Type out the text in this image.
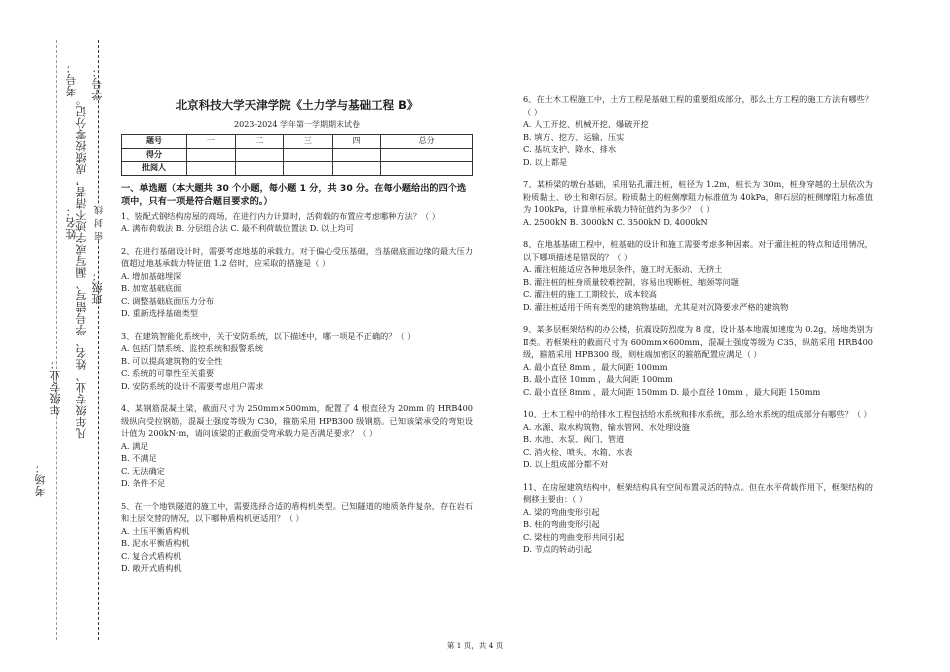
考场：
姓名：
考号： 学号：
班级：
年级专业： 凡年级专业、姓名、学号错写、漏写或字迹不清者，成绩按零分记。 密 封 线
北京科技大学天津学院《土力学与基础工程 B》
2023-2024 学年第一学期期末试卷
题号	一	二	三	四	总分
得分					
批阅人					
一、单选题（本大题共 30 个小题，每小题 1 分，共 30 分。在每小题给出的四个选项中，只有一项是符合题目要求的。）

1、装配式钢结构房屋的商场，在进行内力计算时，活荷载的布置应考虑哪种方法？（ ）

A. 满布荷载法 B. 分层组合法 C. 最不利荷载位置法 D. 以上均可

2、在进行基础设计时，需要考虑地基的承载力。对于偏心受压基础，当基础底面边缘的最大压力值超过地基承载力特征值 1.2 倍时，应采取的措施是（ ）

A. 增加基础埋深

B. 加宽基础底面

C. 调整基础底面压力分布

D. 重新选择基础类型

3、在建筑智能化系统中，关于安防系统，以下描述中，哪一项是不正确的？（ ）

A. 包括门禁系统、监控系统和报警系统

B. 可以提高建筑物的安全性

C. 系统的可靠性至关重要

D. 安防系统的设计不需要考虑用户需求

4、某钢筋混凝土梁，截面尺寸为 250mm×500mm，配置了 4 根直径为 20mm 的 HRB400 级纵向受拉钢筋，混凝土强度等级为 C30，箍筋采用 HPB300 级钢筋。已知该梁承受的弯矩设计值为 200kN·m，请问该梁的正截面受弯承载力是否满足要求？（ ）

A. 满足

B. 不满足

C. 无法确定

D. 条件不足

5、在一个地铁隧道的施工中，需要选择合适的盾构机类型。已知隧道的地质条件复杂，存在岩石和土层交替的情况，以下哪种盾构机更适用？（ ）

A. 土压平衡盾构机

B. 泥水平衡盾构机

C. 复合式盾构机

D. 敞开式盾构机

6、在土木工程施工中，土方工程是基础工程的重要组成部分，那么土方工程的施工方法有哪些？（ ）

A. 人工开挖、机械开挖、爆破开挖

B. 填方、挖方、运输、压实

C. 基坑支护、降水、排水

D. 以上都是

7、某桥梁的墩台基础，采用钻孔灌注桩，桩径为 1.2m，桩长为 30m，桩身穿越的土层依次为粉质黏土、砂土和卵石层。粉质黏土的桩侧摩阻力标准值为 40kPa，卵石层的桩侧摩阻力标准值为 100kPa，计算单桩承载力特征值约为多少？（ ）

A. 2500kN B. 3000kN C. 3500kN D. 4000kN

8、在地基基础工程中，桩基础的设计和施工需要考虑多种因素。对于灌注桩的特点和适用情况，以下哪项描述是错误的？（ ）

A. 灌注桩能适应各种地层条件，施工时无振动、无挤土

B. 灌注桩的桩身质量较难控制，容易出现断桩、缩颈等问题

C. 灌注桩的施工工期较长，成本较高

D. 灌注桩适用于所有类型的建筑物基础，尤其是对沉降要求严格的建筑物

9、某多层框架结构的办公楼，抗震设防烈度为 8 度，设计基本地震加速度为 0.2g，场地类别为Ⅱ类。若框架柱的截面尺寸为 600mm×600mm，混凝土强度等级为 C35，纵筋采用 HRB400 级，箍筋采用 HPB300 级，则柱端加密区的箍筋配置应满足（ ）

A. 最小直径 8mm ，最大间距 100mm

B. 最小直径 10mm ，最大间距 100mm

C. 最小直径 8mm ，最大间距 150mm D. 最小直径 10mm ，最大间距 150mm

10、土木工程中的给排水工程包括给水系统和排水系统，那么给水系统的组成部分有哪些？（ ）

A. 水源、取水构筑物、输水管网、水处理设施

B. 水池、水泵、阀门、管道

C. 消火栓、喷头、水箱、水表

D. 以上组成部分都不对

11、在房屋建筑结构中，框架结构具有空间布置灵活的特点。但在水平荷载作用下，框架结构的侧移主要由：（ ）

A. 梁的弯曲变形引起

B. 柱的弯曲变形引起

C. 梁柱的弯曲变形共同引起

D. 节点的转动引起

第 1 页，共 4 页
